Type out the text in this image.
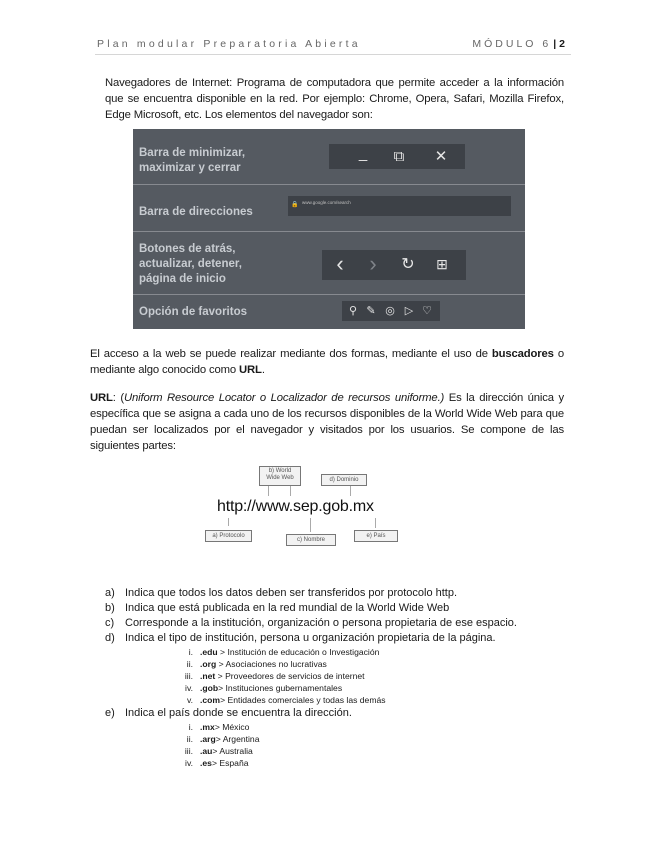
Plan modular Preparatoria Abierta	MÓDULO 6 | 2

Navegadores de Internet: Programa de computadora que permite acceder a la información que se encuentra disponible en la red. Por ejemplo: Chrome, Opera, Safari, Mozilla Firefox, Edge Microsoft, etc. Los elementos del navegador son:

Barra de minimizar,
maximizar y cerrar
_ ⧉ ✕
Barra de direcciones
🔒 www.google.com/search
Botones de atrás,
actualizar, detener,
página de inicio
‹ › ↻ ⊞
Opción de favoritos	⚲ ✎ ◎ ▷ ♡

El acceso a la web se puede realizar mediante dos formas, mediante el uso de buscadores o mediante algo conocido como URL.

URL: (Uniform Resource Locator o Localizador de recursos uniforme.) Es la dirección única y específica que se asigna a cada uno de los recursos disponibles de la World Wide Web para que puedan ser localizados por el navegador y visitados por los usuarios. Se compone de las siguientes partes:

b) World
Wide Web	d) Dominio
http://www.sep.gob.mx
a) Protocolo
c) Nombre
e) País
a) Indica que todos los datos deben ser transferidos por protocolo http.
b) Indica que está publicada en la red mundial de la World Wide Web
c) Corresponde a la institución, organización o persona propietaria de ese espacio.
d) Indica el tipo de institución, persona u organización propietaria de la página.
i. .edu > Institución de educación o Investigación
ii. .org > Asociaciones no lucrativas
iii. .net > Proveedores de servicios de internet
iv. .gob> Instituciones gubernamentales
v. .com> Entidades comerciales y todas las demás
e) Indica el país donde se encuentra la dirección.
i. .mx> México
ii. .arg> Argentina
iii. .au> Australia
iv. .es> España
